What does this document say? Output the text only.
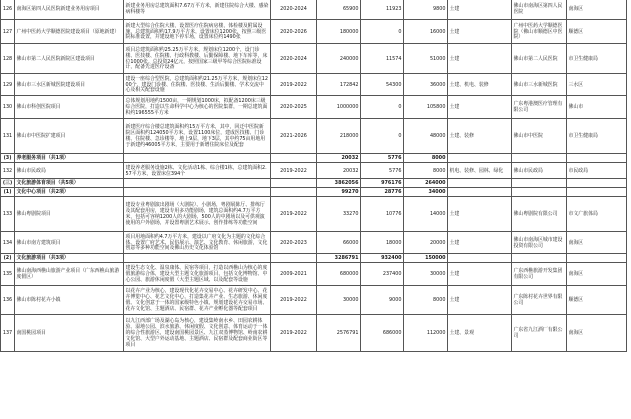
126	南海区第四人民医院新建业务用房项目	新建业务用房总建筑面积7.67万平方米，新建住院综合大楼、感染病科楼等	2020-2024	65900	11923	9800	土建	佛山市南海区第四人民医院	南海区
127	广州中医药大学顺德医院建设项目（原地新建）	新建大型综合住院大楼，设置医疗住院病房楼，体检楼及附属设施，总建筑面积约17.9万平方米，设置床位1200张，按照三级医院标准设置，并建设地下停车场，设置床位约1490张	2020-2026	180000	0	16000	土建	广州中医药大学顺德医院（佛山市顺德区中医院）	顺德区
128	佛山市第二人民医院新院区建设项目	项目总建筑面积约25.25万平方米，规划床位1200个，设门诊楼、医技楼、住院楼、行政科教楼、后勤保障楼、地下车库等，床位1000张。总投资24亿元，按照国家三级甲等综合医院标准设计，配备先进医疗设备	2020-2024	240000	11574	51000	土建	佛山市第二人民医院	市卫生健康局
129	佛山市三水区新城医院建设项目	建设一座综合型医院，总建筑面积约21.25万平方米，规划床位1200个，建设门诊楼、住院楼、医技楼、生活后勤楼、学术交流中心及相关配套设施	2019-2022	172842	54300	36000	土建、机电、装修	佛山市三水新城医院	三水区
130	佛山市科创医院项目	总体规划用地约1500亩，一期规划1000床，拟配备1200床三级综合医院，打造以生命科学中心为核心的医院集群，一期总建筑面积约196555平方米	2020-2025	1000000	0	105800	土建	广东粤港澳医疗管理有限公司	佛山市
131	佛山市中医院扩建项目	新建医疗综合楼总建筑面积约15万平方米，其中，回迁中医院新院区面积约124050平方米，设置1100床位，建成医技楼、门诊楼、住院楼、急诊楼等，地上9层，地下3层，其中约75亩用地用于新建约46005平方米，主要用于新增住院床位及配套	2021-2026	218000	0	48000	土建、装修	佛山市中医院	市卫生健康局
(3)	养老服务项目（共1项）			20032	5776	8000			
132	佛山市民政局	建设养老服务设施2栋、文化活动1栋、综合楼1栋，总建筑面积2.57平方米，设置床位394个	2019-2022	20032	5776	8000	机电、装修、园林、绿化	佛山市民政局	市民政局
(三)	文化旅游体育项目（共5项）			3862056	976176	264000			
(1)	文化中心项目（共2项）			99270	28776	34000			
133	佛山粤剧院项目	建设专业粤剧演出剧场（大剧院）、小剧场，粤剧展陈厅、排练厅及其配套用房，建设专用多功能剧场，建筑总面积约4.7万平方米，包括可容纳1200人的大剧场、500人的中剧场以及可供观演使用的户外剧场，并设置粤剧艺术展示、创作排练等功能空间	2019-2022	33270	10776	14000	土建	佛山粤剧院有限公司	市文广旅体局
134	佛山市南方建筑项目	项目用地面积约4.7万平方米，建设以广府文化为主题的文化综合体，设置广府艺术、民俗展示、演艺、文化教育、休闲旅游，文化创意等多种功能空间及佛山历史文化体验馆	2020-2023	66000	18000	20000	土建	佛山市南海区城市建设投资有限公司	南海区
(2)	文化旅游项目（共3项）			3286791	932400	150000			
135	佛山南海西樵山旅游产业项目（广东西樵山旅游度假区）	建设生态文化、温泉康体、民宿等项目，打造以西樵山为核心的度假旅游综合体，建设大型主题文化旅游项目，包括文化博物馆、中心公园、旅游休闲度假（大型主题区域、以及配套等设施	2009-2021	680000	237400	30000	土建	广东西樵旅游开发集团有限公司	南海区
136	佛山市陈村花卉小镇	以花卉产业为核心，建设现代化花卉交易中心、花卉研发中心、花卉博览中心、花艺文化中心，打造集花卉产业、生态旅游、休闲度假、文化创意于一体的国家级特色小镇，规划建设花卉交易市场、花卉文化馆、主题酒店、民宿群、花卉产业孵化器等配套项目	2019-2022	30000	9000	8000	土建	广东陈村花卉世界有限公司	顺德区
137	南国桃园项目	以九江西部广场及湖心岛为核心，建设集岭南水乡、田园农耕体验、湿地公园、滨水旅游、休闲度假、文化创意、体育运动于一体的综合性旅游区，建设南国桃园景区、九江双蒸博物馆、岭南农耕文化馆、大型户外运动基地、主题酒店、民宿群及配套商业街区等项目	2019-2022	2576791	686000	112000	土建、景观	广东省九江酒厂有限公司	南海区
